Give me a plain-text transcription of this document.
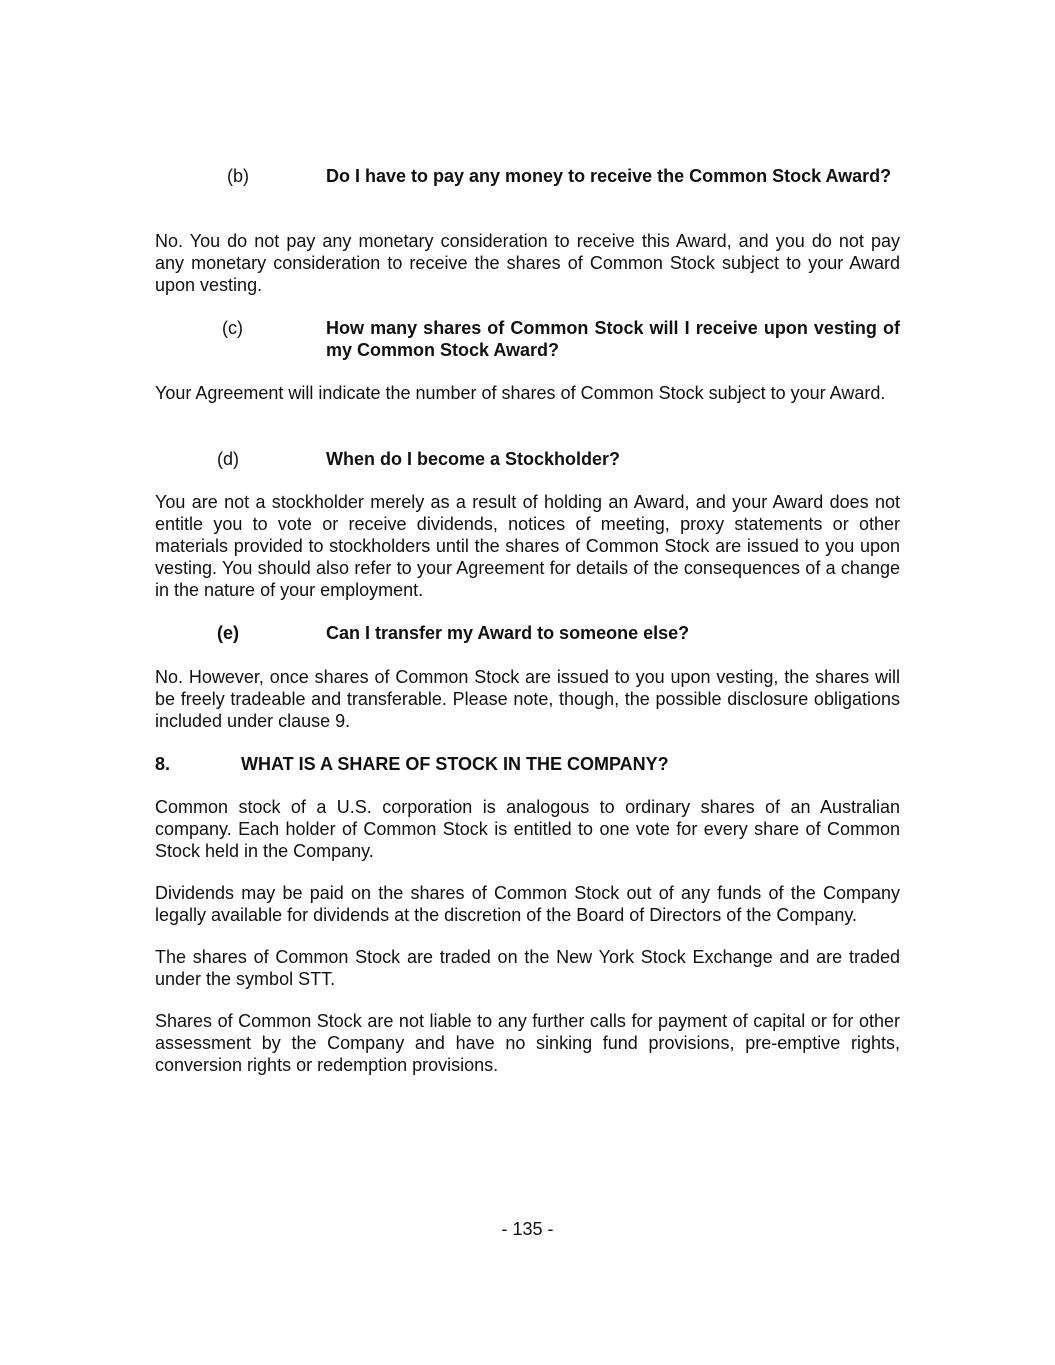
(b)	Do I have to pay any money to receive the Common Stock Award?

No. You do not pay any monetary consideration to receive this Award, and you do not pay any monetary consideration to receive the shares of Common Stock subject to your Award upon vesting.

(c)	How many shares of Common Stock will I receive upon vesting of my Common Stock Award?

Your Agreement will indicate the number of shares of Common Stock subject to your Award.

(d)	When do I become a Stockholder?

You are not a stockholder merely as a result of holding an Award, and your Award does not entitle you to vote or receive dividends, notices of meeting, proxy statements or other materials provided to stockholders until the shares of Common Stock are issued to you upon vesting. You should also refer to your Agreement for details of the consequences of a change in the nature of your employment.

(e)	Can I transfer my Award to someone else?

No. However, once shares of Common Stock are issued to you upon vesting, the shares will be freely tradeable and transferable. Please note, though, the possible disclosure obligations included under clause 9.

8.	WHAT IS A SHARE OF STOCK IN THE COMPANY?

Common stock of a U.S. corporation is analogous to ordinary shares of an Australian company. Each holder of Common Stock is entitled to one vote for every share of Common Stock held in the Company.

Dividends may be paid on the shares of Common Stock out of any funds of the Company legally available for dividends at the discretion of the Board of Directors of the Company.

The shares of Common Stock are traded on the New York Stock Exchange and are traded under the symbol STT.

Shares of Common Stock are not liable to any further calls for payment of capital or for other assessment by the Company and have no sinking fund provisions, pre-emptive rights, conversion rights or redemption provisions.

- 135 -
